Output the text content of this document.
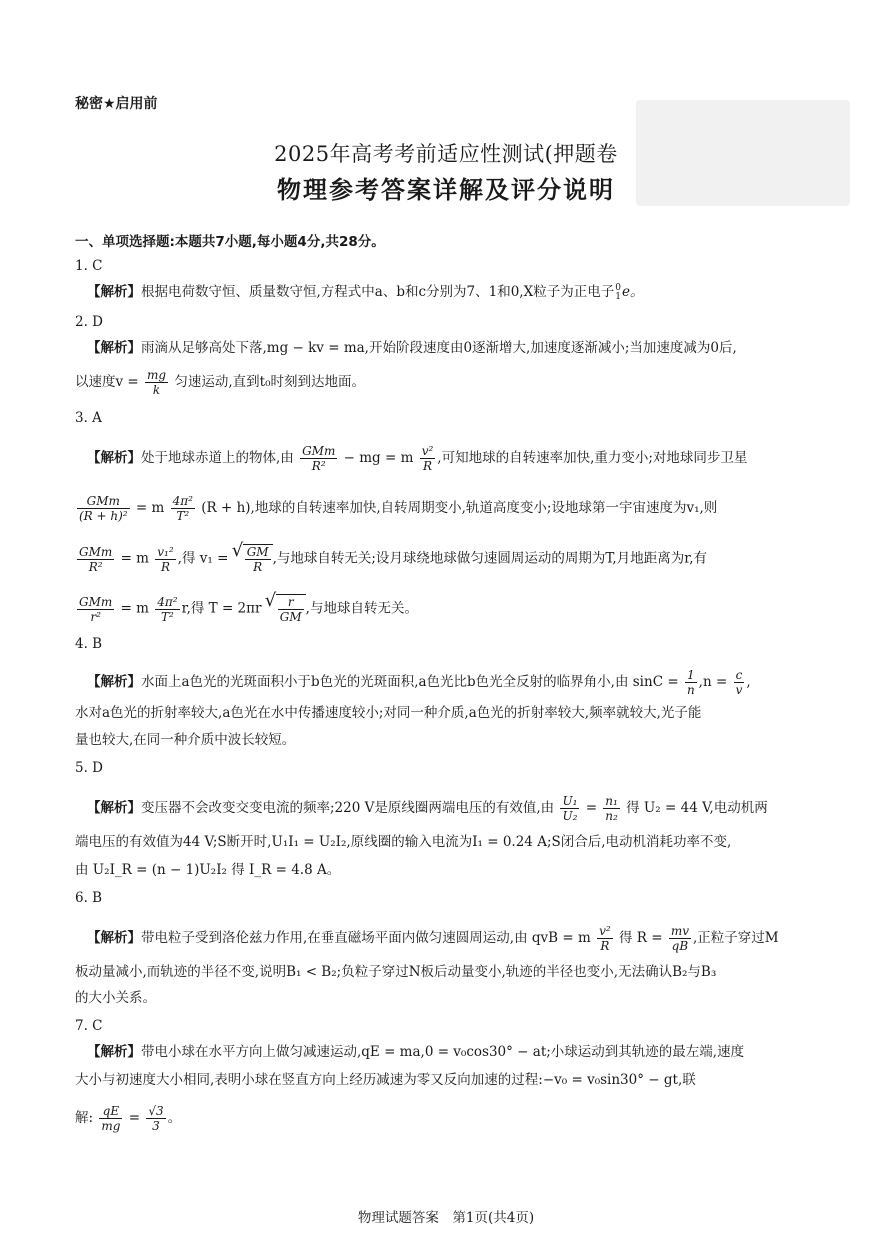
秘密★启用前
2025年高考考前适应性测试(押题卷
物理参考答案详解及评分说明
一、单项选择题:本题共7小题,每小题4分,共28分。
1. C
【解析】根据电荷数守恒、质量数守恒,方程式中a、b和c分别为7、1和0,X粒子为正电子 0
1 e。
2. D
【解析】雨滴从足够高处下落,mg − kv = ma,开始阶段速度由0逐渐增大,加速度逐渐减小;当加速度减为0后,
以速度$v = \frac{mg}{k}$ 匀速运动,直到t₀时刻到达地面。
3. A
【解析】处于地球赤道上的物体,由 $\frac{\text{GMm}}{\text{R²}}$ − mg = m $\frac{\text{v²}}{R}$ ,可知地球的自转速率加快,重力变小;对地球同步卫星
$\frac{\text{GMm}}{\text{(R + h)²}} = m \frac{\text{4π²}}{\text{T²}} (R + h)$,地球的自转速率加快,自转周期变小,轨道高度变小;设地球第一宇宙速度为v₁,则
$\frac{\text{GMm}}{\text{R²}} = m \frac{\text{v₁²}}{R}$ ,得 v₁ = √ $\frac{GM}{R}$ ,与地球自转无关;设月球绕地球做匀速圆周运动的周期为T,月地距离为r,有
$\frac{\text{GMm}}{\text{r²}} = m \frac{\text{4π²}}{\text{T²}} r$,得 T = 2πr √ $\frac{r}{GM}$ ,与地球自转无关。
4. B
【解析】水面上a色光的光斑面积小于b色光的光斑面积,a色光比b色光全反射的临界角小,由 $\sin C = \frac{1}{n} ,n = \frac{c}{v}$ ,
水对a色光的折射率较大,a色光在水中传播速度较小;对同一种介质,a色光的折射率较大,频率就较大,光子能
量也较大,在同一种介质中波长较短。
5. D
【解析】变压器不会改变交变电流的频率;220 V是原线圈两端电压的有效值,由 $\frac{\text{U₁}}{\text{U₂}} = \frac{\text{n₁}}{\text{n₂}}$ 得 U₂ = 44 V,电动机两
端电压的有效值为44 V;S断开时,U₁I₁ = U₂I₂,原线圈的输入电流为I₁ = 0.24 A;S闭合后,电动机消耗功率不变,
由 U₂I_R = (n − 1)U₂I₂ 得 I_R = 4.8 A。
6. B
【解析】带电粒子受到洛伦兹力作用,在垂直磁场平面内做匀速圆周运动,由 qvB = m $\frac{\text{v²}}{R}$ 得 $R = \frac{mv}{qB}$ ,正粒子穿过M
板动量减小,而轨迹的半径不变,说明B₁ < B₂;负粒子穿过N板后动量变小,轨迹的半径也变小,无法确认B₂与B₃
的大小关系。
7. C
【解析】带电小球在水平方向上做匀减速运动,qE = ma,0 = v₀cos30° − at;小球运动到其轨迹的最左端,速度
大小与初速度大小相同,表明小球在竖直方向上经历减速为零又反向加速的过程:−v₀ = v₀sin30° − gt,联
解: $\frac{qE}{mg} = \frac{√3}{3}$ 。
物理试题答案　第1页(共4页)
